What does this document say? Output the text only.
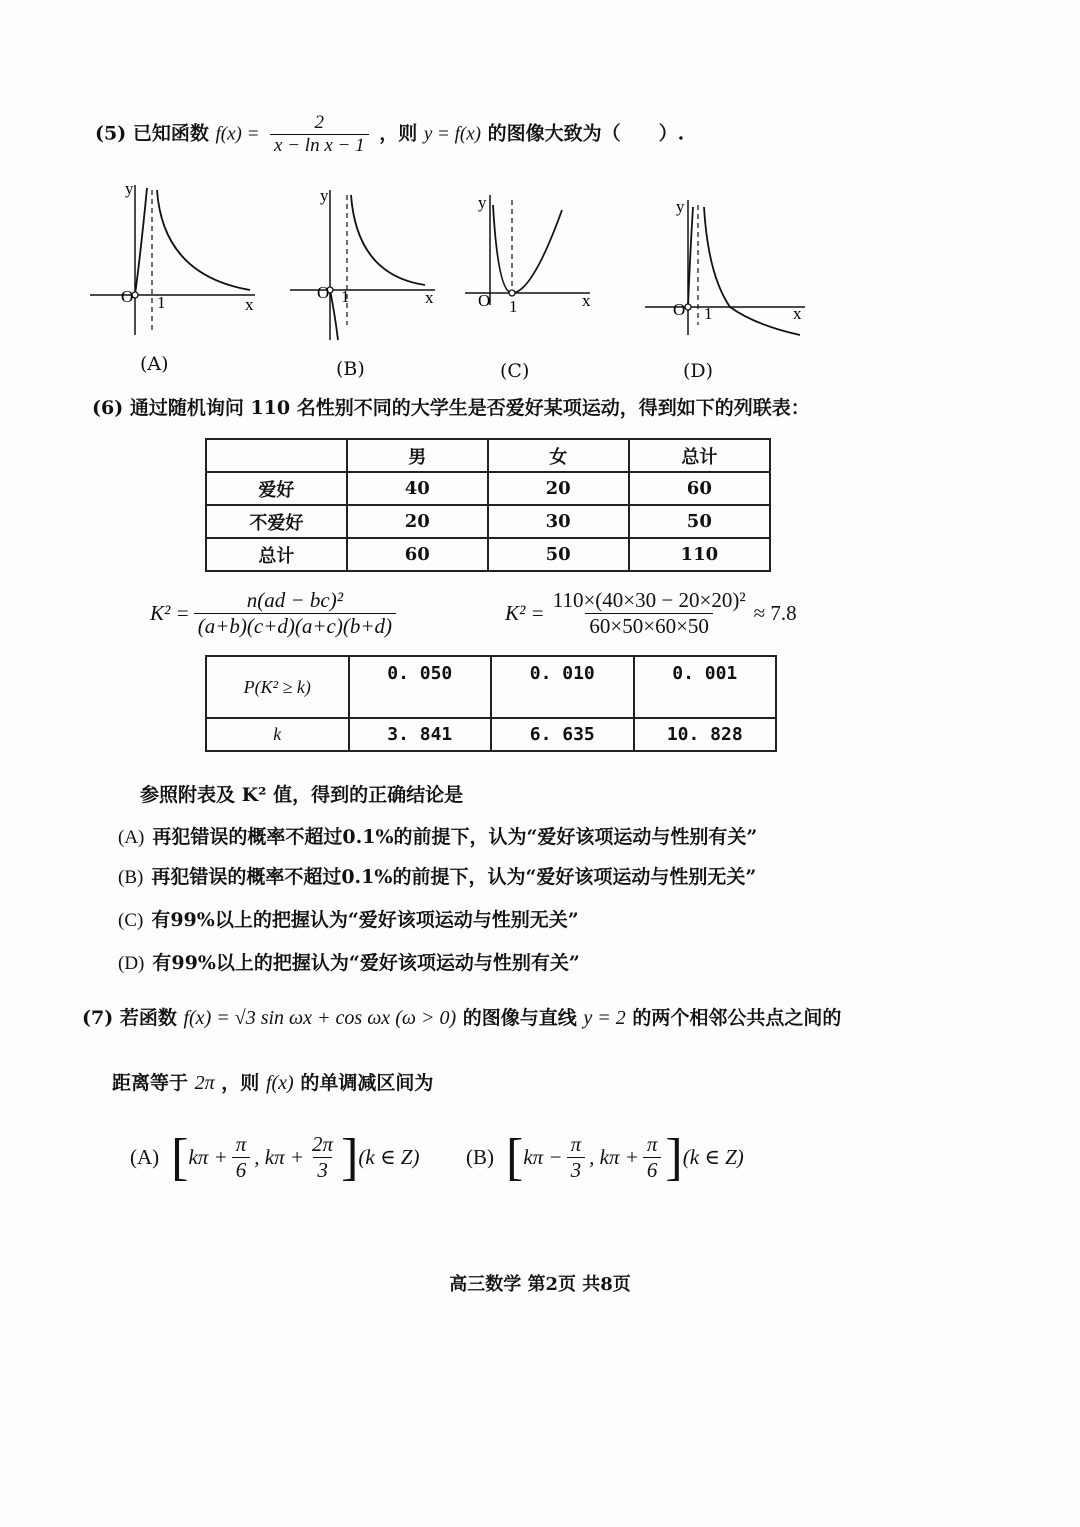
(5) 已知函数 $f(x) = \frac{2}{\text{x − ln x − 1}}$ ，则 y = f(x) 的图像大致为（　　）.
O 1	x
y
O 1	x
y
O 1	x
y
O 1	x
y
(A)	(B)	(C)	(D)
(6) 通过随机询问 110 名性别不同的大学生是否爱好某项运动，得到如下的列联表：
	男	女	总计
爱好	40	20	60
不爱好	20	30	50
总计	60	50	110
$K^2 = \frac{\text{n(ad − bc)²}}{(a+b)(c+d)(a+c)(b+d)}$	$K^2 = \frac{\text{110×(40×30 − 20×20)²}}{60\times 50\times 60\times 50} \approx 7.8$
P(K² ≥ k)	0. 050	0. 010	0. 001
k	3. 841	6. 635	10. 828
参照附表及 K² 值，得到的正确结论是
(A) 再犯错误的概率不超过0.1%的前提下，认为“爱好该项运动与性别有关”
(B) 再犯错误的概率不超过0.1%的前提下，认为“爱好该项运动与性别无关”
(C) 有99%以上的把握认为“爱好该项运动与性别无关”
(D) 有99%以上的把握认为“爱好该项运动与性别有关”
(7) 若函数 f(x) = √3 sin ωx + cos ωx (ω > 0) 的图像与直线 y = 2 的两个相邻公共点之间的
距离等于 2π ，则 f(x) 的单调减区间为
(A) [ $k\pi + \frac{\pi}{6}$ , $k\pi + \frac{2\pi}{3}$ ] (k ∈ Z) (B) [ $k\pi - \frac{\pi}{3}$ , $k\pi + \frac{\pi}{6}$ ] (k ∈ Z)
高三数学 第2页 共8页
